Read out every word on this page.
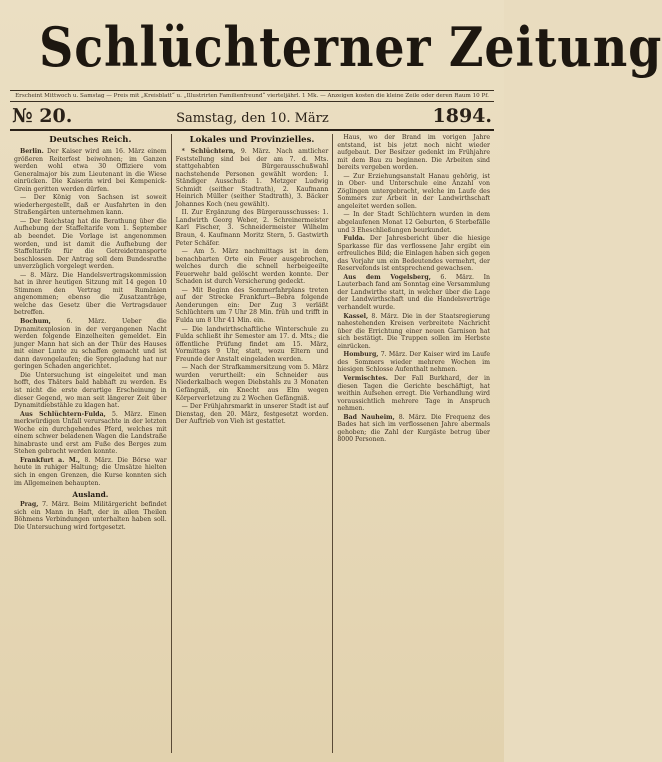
Schlüchterner Zeitung
Erscheint Mittwoch u. Samstag — Preis mit „Kreisblatt“ u. „Illustrirten Familienfreund“ vierteljährl. 1 Mk. — Anzeigen kosten die kleine Zeile oder deren Raum 10 Pf.
№ 20.	Samstag, den 10. März	1894.
Deutsches Reich.

Berlin. Der Kaiser wird am 16. März einem größeren Reiterfest beiwohnen; im Ganzen werden wohl etwa 30 Offiziere vom Generalmajor bis zum Lieutenant in die Wiese einrücken. Die Kaiserin wird bei Kempenick-Grein geritten werden dürfen.

— Der König von Sachsen ist soweit wiederhergestellt, daß er Ausfahrten in den Straßengärten unternehmen kann.

— Der Reichstag hat die Berathung über die Aufhebung der Staffeltarife vom 1. September ab beendet. Die Vorlage ist angenommen worden, und ist damit die Aufhebung der Staffeltarife für die Getreidetransporte beschlossen. Der Antrag soll dem Bundesrathe unverzüglich vorgelegt werden.

— 8. März. Die Handelsvertragskommission hat in ihrer heutigen Sitzung mit 14 gegen 10 Stimmen den Vertrag mit Rumänien angenommen; ebenso die Zusatzanträge, welche das Gesetz über die Vertragsdauer betreffen.

Bochum, 6. März. Ueber die Dynamitexplosion in der vergangenen Nacht werden folgende Einzelheiten gemeldet. Ein junger Mann hat sich an der Thür des Hauses mit einer Lunte zu schaffen gemacht und ist dann davongelaufen; die Sprengladung hat nur geringen Schaden angerichtet.

Die Untersuchung ist eingeleitet und man hofft, des Thäters bald habhaft zu werden. Es ist nicht die erste derartige Erscheinung in dieser Gegend, wo man seit längerer Zeit über Dynamitdiebstähle zu klagen hat.

Aus Schlüchtern-Fulda, 5. März. Einen merkwürdigen Unfall verursachte in der letzten Woche ein durchgehendes Pferd, welches mit einem schwer beladenen Wagen die Landstraße hinabraste und erst am Fuße des Berges zum Stehen gebracht werden konnte.

Frankfurt a. M., 8. März. Die Börse war heute in ruhiger Haltung; die Umsätze hielten sich in engen Grenzen, die Kurse konnten sich im Allgemeinen behaupten.

Ausland.

Prag, 7. März. Beim Militärgericht befindet sich ein Mann in Haft, der in allen Theilen Böhmens Verbindungen unterhalten haben soll. Die Untersuchung wird fortgesetzt.

Lokales und Provinzielles.

* Schlüchtern, 9. März. Nach amtlicher Feststellung sind bei der am 7. d. Mts. stattgehabten Bürgerausschußwahl nachstehende Personen gewählt worden: I. Ständiger Ausschuß: 1. Metzger Ludwig Schmidt (seither Stadtrath), 2. Kaufmann Heinrich Müller (seither Stadtrath), 3. Bäcker Johannes Koch (neu gewählt).

II. Zur Ergänzung des Bürgerausschusses: 1. Landwirth Georg Weber, 2. Schreinermeister Karl Fischer, 3. Schneidermeister Wilhelm Braun, 4. Kaufmann Moritz Stern, 5. Gastwirth Peter Schäfer.

— Am 5. März nachmittags ist in dem benachbarten Orte ein Feuer ausgebrochen, welches durch die schnell herbeigeeilte Feuerwehr bald gelöscht werden konnte. Der Schaden ist durch Versicherung gedeckt.

— Mit Beginn des Sommerfahrplans treten auf der Strecke Frankfurt—Bebra folgende Aenderungen ein: Der Zug 3 verläßt Schlüchtern um 7 Uhr 28 Min. früh und trifft in Fulda um 8 Uhr 41 Min. ein.

— Die landwirthschaftliche Winterschule zu Fulda schließt ihr Semester am 17. d. Mts.; die öffentliche Prüfung findet am 15. März, Vormittags 9 Uhr, statt, wozu Eltern und Freunde der Anstalt eingeladen werden.

— Nach der Strafkammersitzung vom 5. März wurden verurtheilt: ein Schneider aus Niederkalbach wegen Diebstahls zu 3 Monaten Gefängniß, ein Knecht aus Elm wegen Körperverletzung zu 2 Wochen Gefängniß.

— Der Frühjahrsmarkt in unserer Stadt ist auf Dienstag, den 20. März, festgesetzt worden. Der Auftrieb von Vieh ist gestattet.

Haus, wo der Brand im vorigen Jahre entstand, ist bis jetzt noch nicht wieder aufgebaut. Der Besitzer gedenkt im Frühjahre mit dem Bau zu beginnen. Die Arbeiten sind bereits vergeben worden.

— Zur Erziehungsanstalt Hanau gehörig, ist in Ober- und Unterschule eine Anzahl von Zöglingen untergebracht, welche im Laufe des Sommers zur Arbeit in der Landwirthschaft angeleitet werden sollen.

— In der Stadt Schlüchtern wurden in dem abgelaufenen Monat 12 Geburten, 6 Sterbefälle und 3 Eheschließungen beurkundet.

Fulda. Der Jahresbericht über die hiesige Sparkasse für das verflossene Jahr ergibt ein erfreuliches Bild; die Einlagen haben sich gegen das Vorjahr um ein Bedeutendes vermehrt, der Reservefonds ist entsprechend gewachsen.

Aus dem Vogelsberg, 6. März. In Lauterbach fand am Sonntag eine Versammlung der Landwirthe statt, in welcher über die Lage der Landwirthschaft und die Handelsverträge verhandelt wurde.

Kassel, 8. März. Die in der Staatsregierung nahestehenden Kreisen verbreitete Nachricht über die Errichtung einer neuen Garnison hat sich bestätigt. Die Truppen sollen im Herbste einrücken.

Homburg, 7. März. Der Kaiser wird im Laufe des Sommers wieder mehrere Wochen im hiesigen Schlosse Aufenthalt nehmen.

Vermischtes. Der Fall Burkhard, der in diesen Tagen die Gerichte beschäftigt, hat weithin Aufsehen erregt. Die Verhandlung wird voraussichtlich mehrere Tage in Anspruch nehmen.

Bad Nauheim, 8. März. Die Frequenz des Bades hat sich im verflossenen Jahre abermals gehoben; die Zahl der Kurgäste betrug über 8000 Personen.
